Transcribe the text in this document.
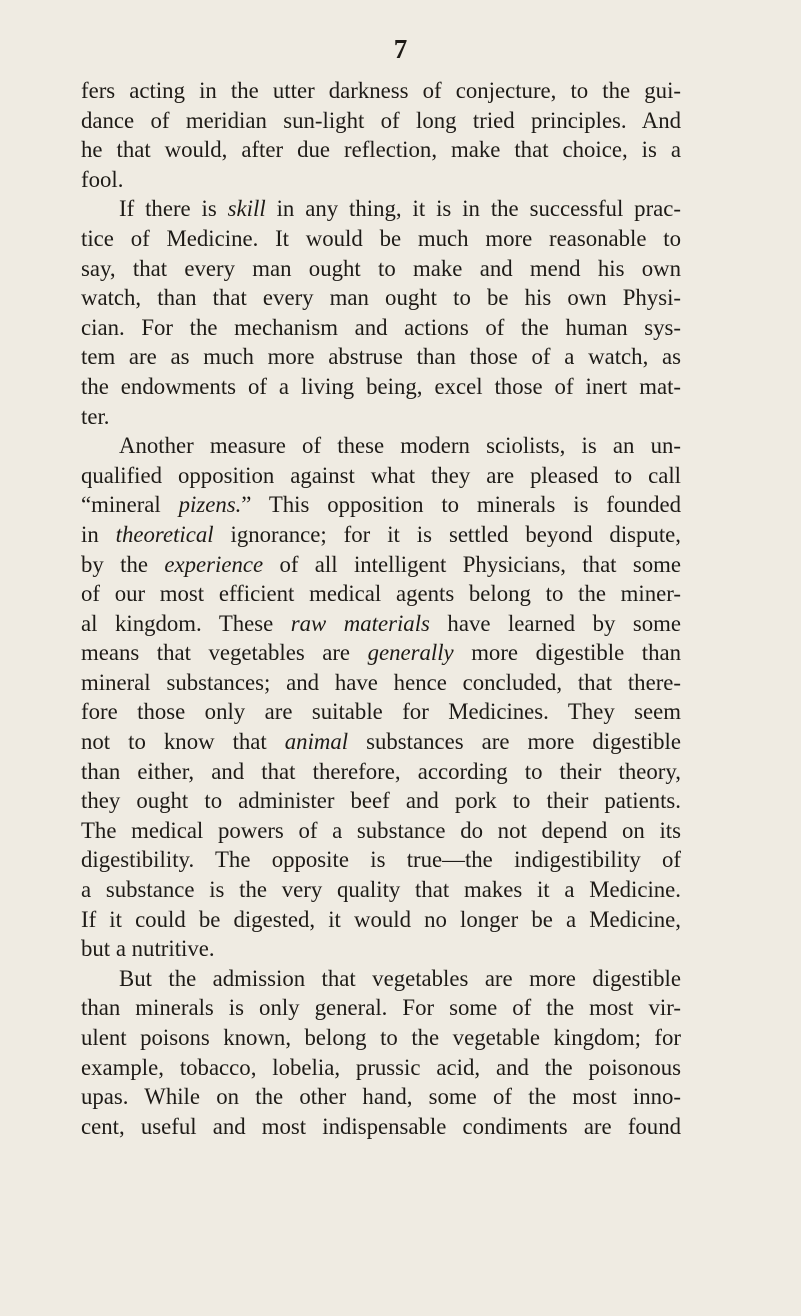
7
fers acting in the utter darkness of conjecture, to the gui-
dance of meridian sun-light of long tried principles. And
he that would, after due reflection, make that choice, is a
fool.
If there is skill in any thing, it is in the successful prac-
tice of Medicine. It would be much more reasonable to
say, that every man ought to make and mend his own
watch, than that every man ought to be his own Physi-
cian. For the mechanism and actions of the human sys-
tem are as much more abstruse than those of a watch, as
the endowments of a living being, excel those of inert mat-
ter.
Another measure of these modern sciolists, is an un-
qualified opposition against what they are pleased to call
“mineral pizens.” This opposition to minerals is founded
in theoretical ignorance; for it is settled beyond dispute,
by the experience of all intelligent Physicians, that some
of our most efficient medical agents belong to the miner-
al kingdom. These raw materials have learned by some
means that vegetables are generally more digestible than
mineral substances; and have hence concluded, that there-
fore those only are suitable for Medicines. They seem
not to know that animal substances are more digestible
than either, and that therefore, according to their theory,
they ought to administer beef and pork to their patients.
The medical powers of a substance do not depend on its
digestibility. The opposite is true—the indigestibility of
a substance is the very quality that makes it a Medicine.
If it could be digested, it would no longer be a Medicine,
but a nutritive.
But the admission that vegetables are more digestible
than minerals is only general. For some of the most vir-
ulent poisons known, belong to the vegetable kingdom; for
example, tobacco, lobelia, prussic acid, and the poisonous
upas. While on the other hand, some of the most inno-
cent, useful and most indispensable condiments are found
